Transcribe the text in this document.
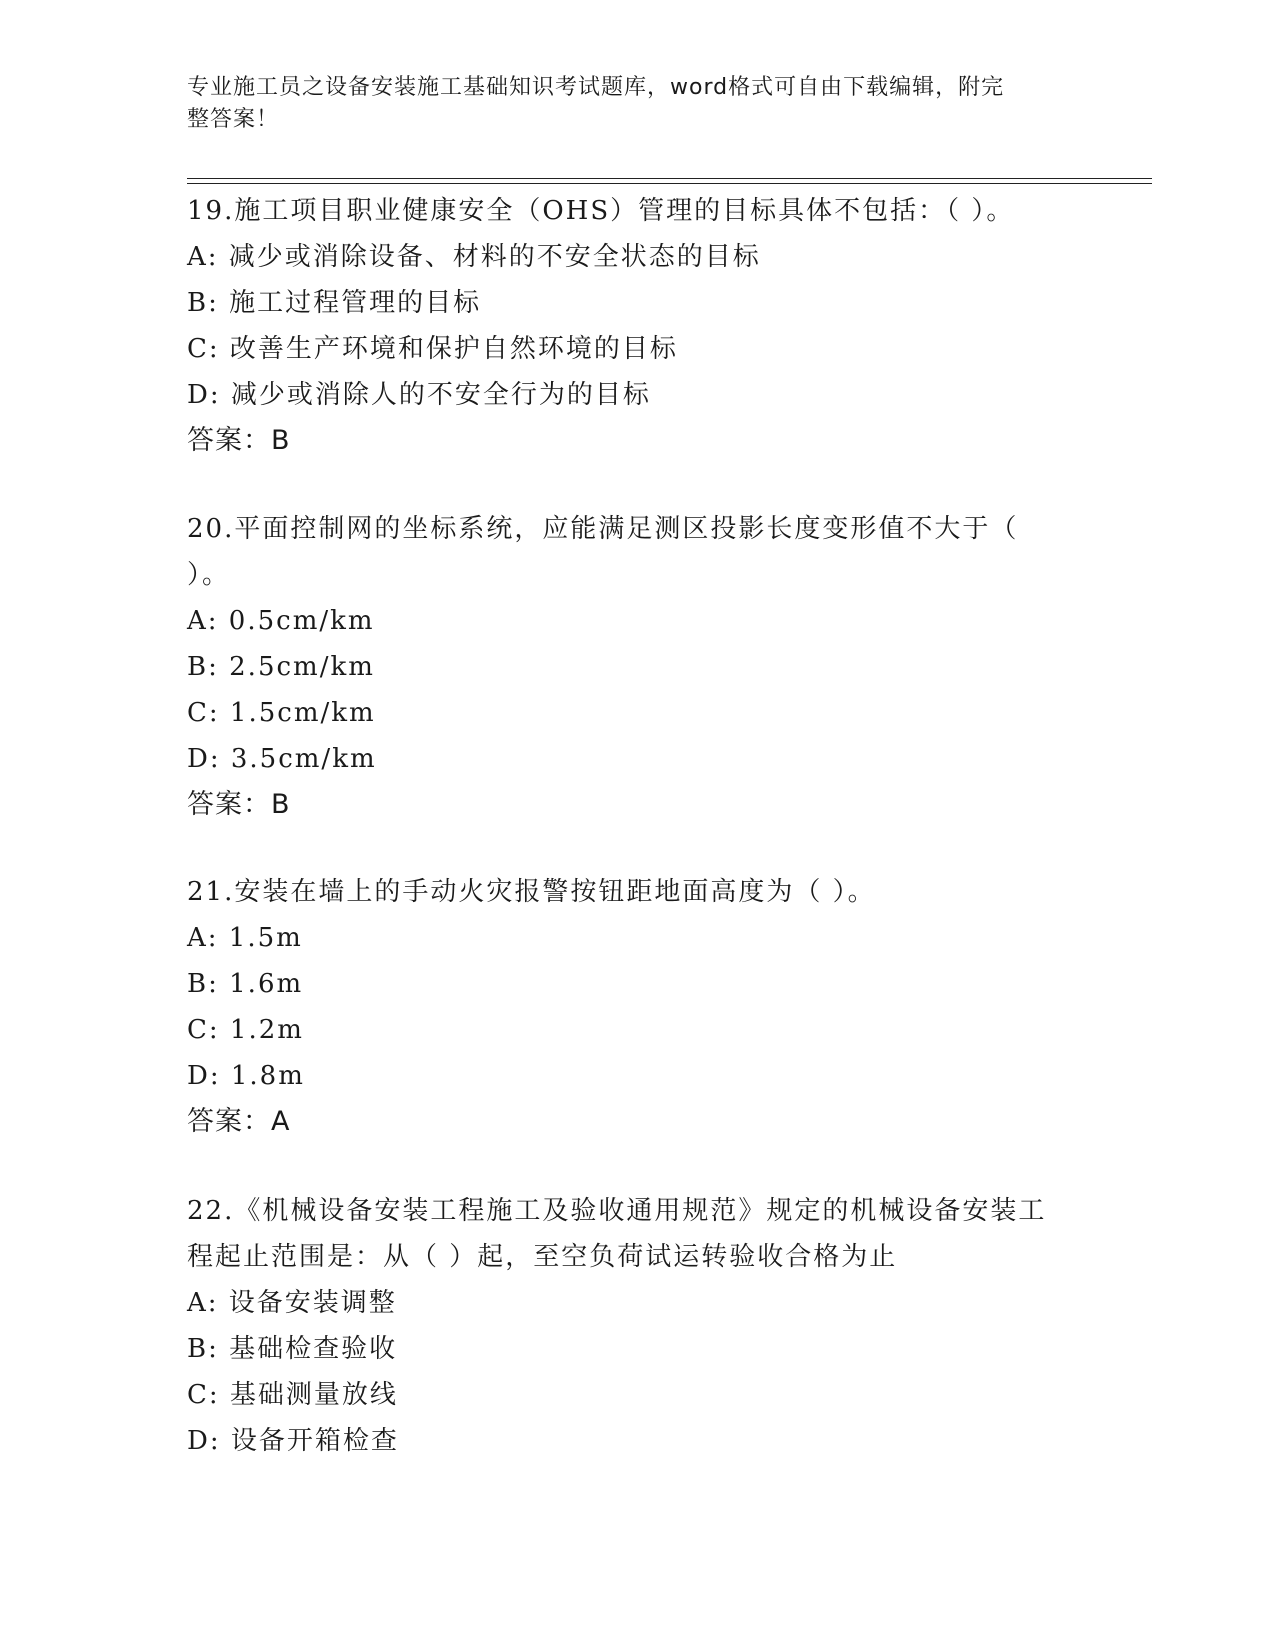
专业施工员之设备安装施工基础知识考试题库，word格式可自由下载编辑，附完
整答案！
19.施工项目职业健康安全（OHS）管理的目标具体不包括：（ ）。
A: 减少或消除设备、材料的不安全状态的目标
B: 施工过程管理的目标
C: 改善生产环境和保护自然环境的目标
D: 减少或消除人的不安全行为的目标
答案：B
20.平面控制网的坐标系统，应能满足测区投影长度变形值不大于（
）。
A: 0.5cm/km
B: 2.5cm/km
C: 1.5cm/km
D: 3.5cm/km
答案：B
21.安装在墙上的手动火灾报警按钮距地面高度为（ ）。
A: 1.5m
B: 1.6m
C: 1.2m
D: 1.8m
答案：A
22.《机械设备安装工程施工及验收通用规范》规定的机械设备安装工
程起止范围是：从（ ）起，至空负荷试运转验收合格为止
A: 设备安装调整
B: 基础检查验收
C: 基础测量放线
D: 设备开箱检查
